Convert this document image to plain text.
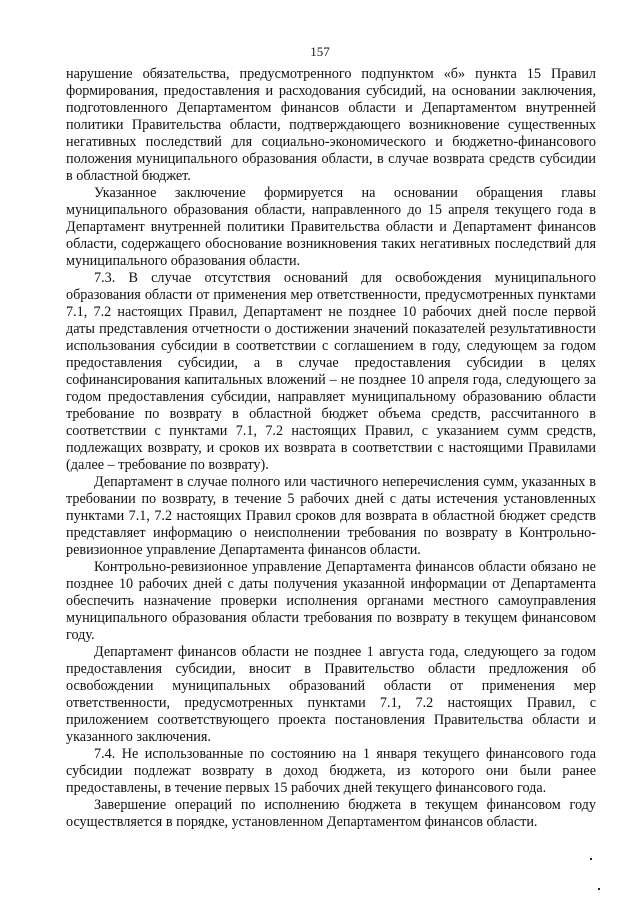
157

нарушение обязательства, предусмотренного подпунктом «б» пункта 15 Правил формирования, предоставления и расходования субсидий, на основании заключения, подготовленного Департаментом финансов области и Департаментом внутренней политики Правительства области, подтверждающего возникновение существенных негативных последствий для социально-экономического и бюджетно-финансового положения муниципального образования области, в случае возврата средств субсидии в областной бюджет.

Указанное заключение формируется на основании обращения главы муниципального образования области, направленного до 15 апреля текущего года в Департамент внутренней политики Правительства области и Департамент финансов области, содержащего обоснование возникновения таких негативных последствий для муниципального образования области.

7.3. В случае отсутствия оснований для освобождения муниципального образования области от применения мер ответственности, предусмотренных пунктами 7.1, 7.2 настоящих Правил, Департамент не позднее 10 рабочих дней после первой даты представления отчетности о достижении значений показателей результативности использования субсидии в соответствии с соглашением в году, следующем за годом предоставления субсидии, а в случае предоставления субсидии в целях софинансирования капитальных вложений – не позднее 10 апреля года, следующего за годом предоставления субсидии, направляет муниципальному образованию области требование по возврату в областной бюджет объема средств, рассчитанного в соответствии с пунктами 7.1, 7.2 настоящих Правил, с указанием сумм средств, подлежащих возврату, и сроков их возврата в соответствии с настоящими Правилами (далее – требование по возврату).

Департамент в случае полного или частичного неперечисления сумм, указанных в требовании по возврату, в течение 5 рабочих дней с даты истечения установленных пунктами 7.1, 7.2 настоящих Правил сроков для возврата в областной бюджет средств представляет информацию о неисполнении требования по возврату в Контрольно-ревизионное управление Департамента финансов области.

Контрольно-ревизионное управление Департамента финансов области обязано не позднее 10 рабочих дней с даты получения указанной информации от Департамента обеспечить назначение проверки исполнения органами местного самоуправления муниципального образования области требования по возврату в текущем финансовом году.

Департамент финансов области не позднее 1 августа года, следующего за годом предоставления субсидии, вносит в Правительство области предложения об освобождении муниципальных образований области от применения мер ответственности, предусмотренных пунктами 7.1, 7.2 настоящих Правил, с приложением соответствующего проекта постановления Правительства области и указанного заключения.

7.4. Не использованные по состоянию на 1 января текущего финансового года субсидии подлежат возврату в доход бюджета, из которого они были ранее предоставлены, в течение первых 15 рабочих дней текущего финансового года.

Завершение операций по исполнению бюджета в текущем финансовом году осуществляется в порядке, установленном Департаментом финансов области.
